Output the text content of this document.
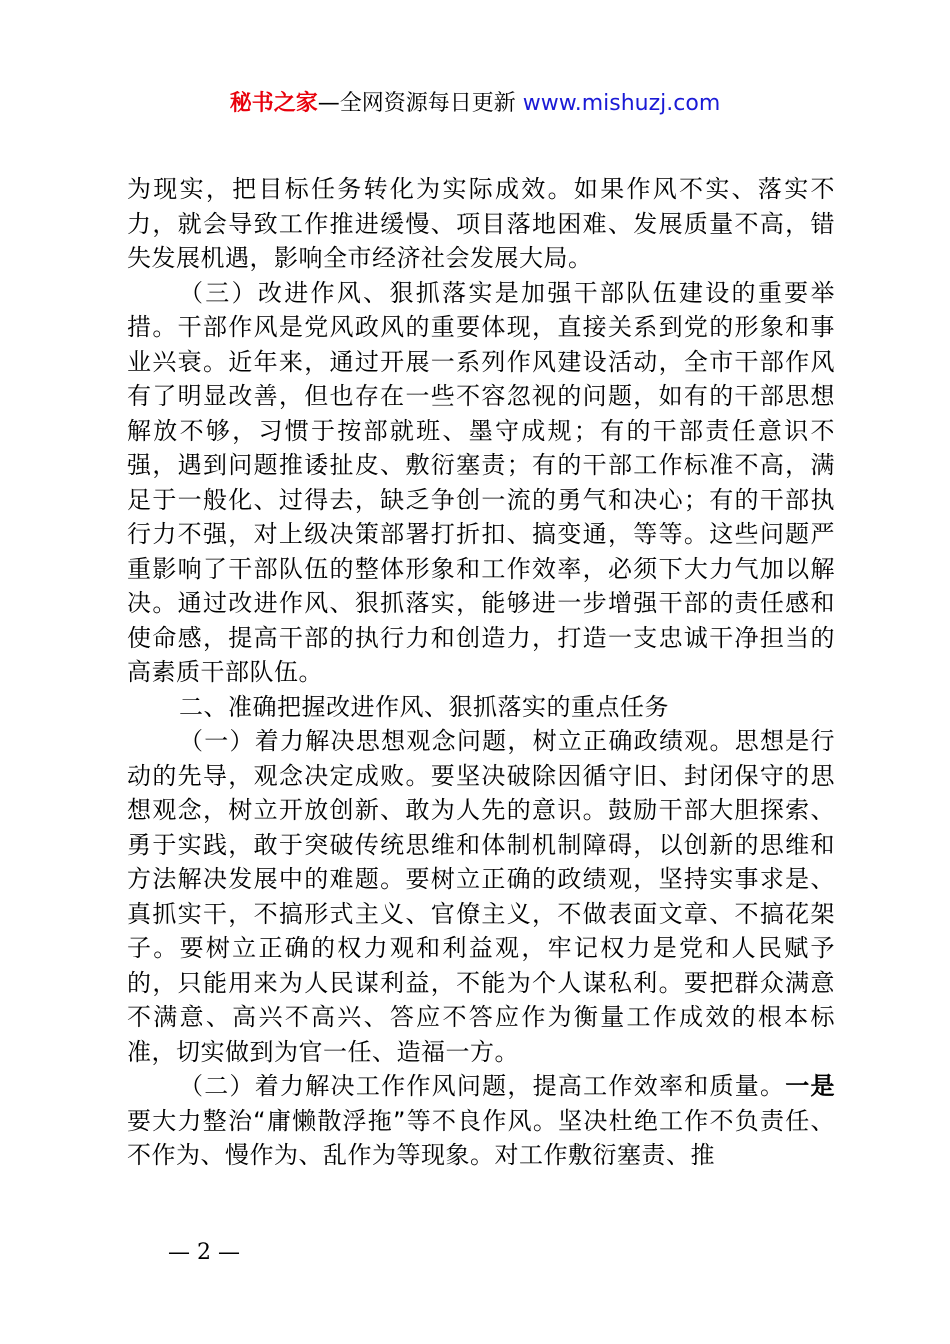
秘书之家—全网资源每日更新 www.mishuzj.com

为现实，把目标任务转化为实际成效。如果作风不实、落实不力，就会导致工作推进缓慢、项目落地困难、发展质量不高，错失发展机遇，影响全市经济社会发展大局。

（三）改进作风、狠抓落实是加强干部队伍建设的重要举措。干部作风是党风政风的重要体现，直接关系到党的形象和事业兴衰。近年来，通过开展一系列作风建设活动，全市干部作风有了明显改善，但也存在一些不容忽视的问题，如有的干部思想解放不够，习惯于按部就班、墨守成规；有的干部责任意识不强，遇到问题推诿扯皮、敷衍塞责；有的干部工作标准不高，满足于一般化、过得去，缺乏争创一流的勇气和决心；有的干部执行力不强，对上级决策部署打折扣、搞变通，等等。这些问题严重影响了干部队伍的整体形象和工作效率，必须下大力气加以解决。通过改进作风、狠抓落实，能够进一步增强干部的责任感和使命感，提高干部的执行力和创造力，打造一支忠诚干净担当的高素质干部队伍。

二、准确把握改进作风、狠抓落实的重点任务

（一）着力解决思想观念问题，树立正确政绩观。思想是行动的先导，观念决定成败。要坚决破除因循守旧、封闭保守的思想观念，树立开放创新、敢为人先的意识。鼓励干部大胆探索、勇于实践，敢于突破传统思维和体制机制障碍，以创新的思维和方法解决发展中的难题。要树立正确的政绩观，坚持实事求是、真抓实干，不搞形式主义、官僚主义，不做表面文章、不搞花架子。要树立正确的权力观和利益观，牢记权力是党和人民赋予的，只能用来为人民谋利益，不能为个人谋私利。要把群众满意不满意、高兴不高兴、答应不答应作为衡量工作成效的根本标准，切实做到为官一任、造福一方。

（二）着力解决工作作风问题，提高工作效率和质量。一是要大力整治“庸懒散浮拖”等不良作风。坚决杜绝工作不负责任、不作为、慢作为、乱作为等现象。对工作敷衍塞责、推

— 2 —
